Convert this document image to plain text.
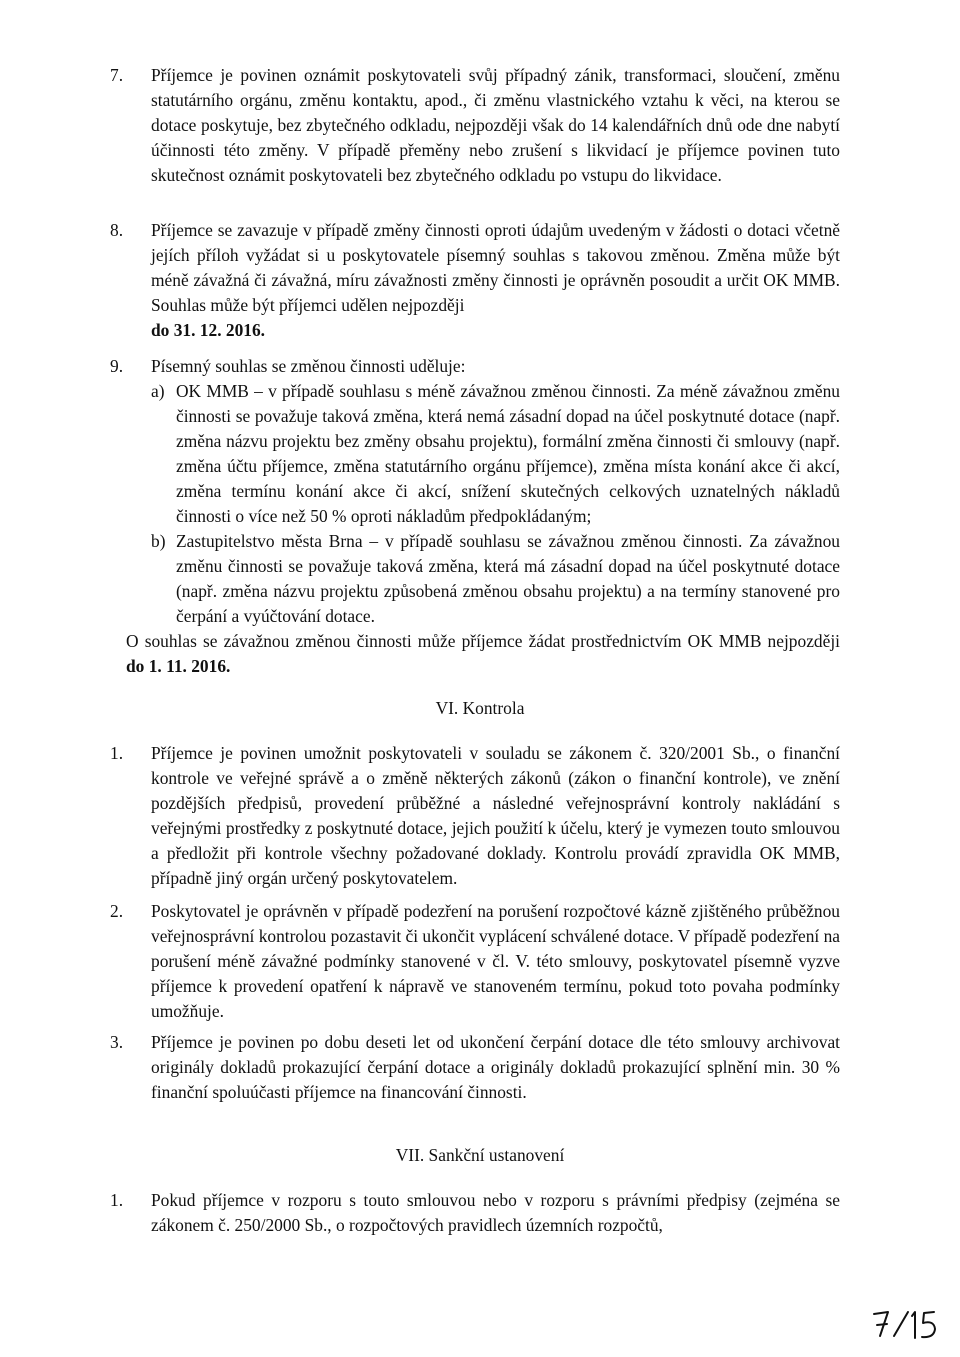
7. Příjemce je povinen oznámit poskytovateli svůj případný zánik, transformaci, sloučení, změnu statutárního orgánu, změnu kontaktu, apod., či změnu vlastnického vztahu k věci, na kterou se dotace poskytuje, bez zbytečného odkladu, nejpozději však do 14 kalendářních dnů ode dne nabytí účinnosti této změny. V případě přeměny nebo zrušení s likvidací je příjemce povinen tuto skutečnost oznámit poskytovateli bez zbytečného odkladu po vstupu do likvidace.

8. Příjemce se zavazuje v případě změny činnosti oproti údajům uvedeným v žádosti o dotaci včetně jejích příloh vyžádat si u poskytovatele písemný souhlas s takovou změnou. Změna může být méně závažná či závažná, míru závažnosti změny činnosti je oprávněn posoudit a určit OK MMB. Souhlas může být příjemci udělen nejpozději
do 31. 12. 2016.

9. Písemný souhlas se změnou činnosti uděluje:

a) OK MMB – v případě souhlasu s méně závažnou změnou činnosti. Za méně závažnou změnu činnosti se považuje taková změna, která nemá zásadní dopad na účel poskytnuté dotace (např. změna názvu projektu bez změny obsahu projektu), formální změna činnosti či smlouvy (např. změna účtu příjemce, změna statutárního orgánu příjemce), změna místa konání akce či akcí, změna termínu konání akce či akcí, snížení skutečných celkových uznatelných nákladů činnosti o více než 50 % oproti nákladům předpokládaným;

b) Zastupitelstvo města Brna – v případě souhlasu se závažnou změnou činnosti. Za závažnou změnu činnosti se považuje taková změna, která má zásadní dopad na účel poskytnuté dotace (např. změna názvu projektu způsobená změnou obsahu projektu) a na termíny stanovené pro čerpání a vyúčtování dotace.

O souhlas se závažnou změnou činnosti může příjemce žádat prostřednictvím OK MMB nejpozději do 1. 11. 2016.

VI. Kontrola
1. Příjemce je povinen umožnit poskytovateli v souladu se zákonem č. 320/2001 Sb., o finanční kontrole ve veřejné správě a o změně některých zákonů (zákon o finanční kontrole), ve znění pozdějších předpisů, provedení průběžné a následné veřejnosprávní kontroly nakládání s veřejnými prostředky z poskytnuté dotace, jejich použití k účelu, který je vymezen touto smlouvou a předložit při kontrole všechny požadované doklady. Kontrolu provádí zpravidla OK MMB, případně jiný orgán určený poskytovatelem.

2. Poskytovatel je oprávněn v případě podezření na porušení rozpočtové kázně zjištěného průběžnou veřejnosprávní kontrolou pozastavit či ukončit vyplácení schválené dotace. V případě podezření na porušení méně závažné podmínky stanovené v čl. V. této smlouvy, poskytovatel písemně vyzve příjemce k provedení opatření k nápravě ve stanoveném termínu, pokud toto povaha podmínky umožňuje.

3. Příjemce je povinen po dobu deseti let od ukončení čerpání dotace dle této smlouvy archivovat originály dokladů prokazující čerpání dotace a originály dokladů prokazující splnění min. 30 % finanční spoluúčasti příjemce na financování činnosti.

VII. Sankční ustanovení
1. Pokud příjemce v rozporu s touto smlouvou nebo v rozporu s právními předpisy (zejména se zákonem č. 250/2000 Sb., o rozpočtových pravidlech územních rozpočtů,
